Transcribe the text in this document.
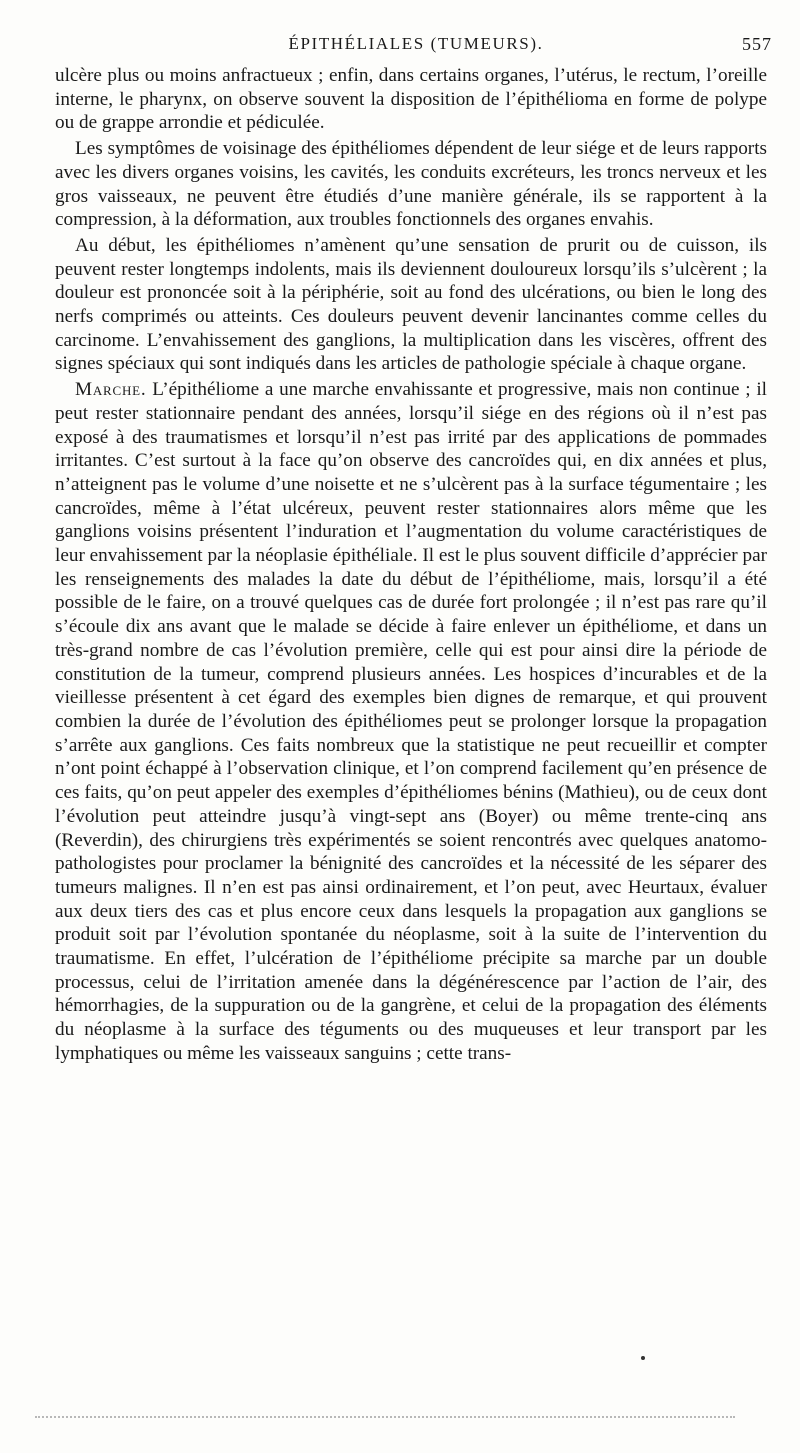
ÉPITHÉLIALES (TUMEURS).	557

ulcère plus ou moins anfractueux ; enfin, dans certains organes, l’utérus, le rectum, l’oreille interne, le pharynx, on observe souvent la disposition de l’épithélioma en forme de polype ou de grappe arrondie et pédiculée.

Les symptômes de voisinage des épithéliomes dépendent de leur siége et de leurs rapports avec les divers organes voisins, les cavités, les conduits excréteurs, les troncs nerveux et les gros vaisseaux, ne peuvent être étudiés d’une manière générale, ils se rapportent à la compression, à la déformation, aux troubles fonctionnels des organes envahis.

Au début, les épithéliomes n’amènent qu’une sensation de prurit ou de cuisson, ils peuvent rester longtemps indolents, mais ils deviennent douloureux lorsqu’ils s’ulcèrent ; la douleur est prononcée soit à la périphérie, soit au fond des ulcérations, ou bien le long des nerfs comprimés ou atteints. Ces douleurs peuvent devenir lancinantes comme celles du carcinome. L’envahissement des ganglions, la multiplication dans les viscères, offrent des signes spéciaux qui sont indiqués dans les articles de pathologie spéciale à chaque organe.

Marche. L’épithéliome a une marche envahissante et progressive, mais non continue ; il peut rester stationnaire pendant des années, lorsqu’il siége en des régions où il n’est pas exposé à des traumatismes et lorsqu’il n’est pas irrité par des applications de pommades irritantes. C’est surtout à la face qu’on observe des cancroïdes qui, en dix années et plus, n’atteignent pas le volume d’une noisette et ne s’ulcèrent pas à la surface tégumentaire ; les cancroïdes, même à l’état ulcéreux, peuvent rester stationnaires alors même que les ganglions voisins présentent l’induration et l’augmentation du volume caractéristiques de leur envahissement par la néoplasie épithéliale. Il est le plus souvent difficile d’apprécier par les renseignements des malades la date du début de l’épithéliome, mais, lorsqu’il a été possible de le faire, on a trouvé quelques cas de durée fort prolongée ; il n’est pas rare qu’il s’écoule dix ans avant que le malade se décide à faire enlever un épithéliome, et dans un très-grand nombre de cas l’évolution première, celle qui est pour ainsi dire la période de constitution de la tumeur, comprend plusieurs années. Les hospices d’incurables et de la vieillesse présentent à cet égard des exemples bien dignes de remarque, et qui prouvent combien la durée de l’évolution des épithéliomes peut se prolonger lorsque la propagation s’arrête aux ganglions. Ces faits nombreux que la statistique ne peut recueillir et compter n’ont point échappé à l’observation clinique, et l’on comprend facilement qu’en présence de ces faits, qu’on peut appeler des exemples d’épithéliomes bénins (Mathieu), ou de ceux dont l’évolution peut atteindre jusqu’à vingt-sept ans (Boyer) ou même trente-cinq ans (Reverdin), des chirurgiens très expérimentés se soient rencontrés avec quelques anatomo-pathologistes pour proclamer la bénignité des cancroïdes et la nécessité de les séparer des tumeurs malignes. Il n’en est pas ainsi ordinairement, et l’on peut, avec Heurtaux, évaluer aux deux tiers des cas et plus encore ceux dans lesquels la propagation aux ganglions se produit soit par l’évolution spontanée du néoplasme, soit à la suite de l’intervention du traumatisme. En effet, l’ulcération de l’épithéliome précipite sa marche par un double processus, celui de l’irritation amenée dans la dégénérescence par l’action de l’air, des hémorrhagies, de la suppuration ou de la gangrène, et celui de la propagation des éléments du néoplasme à la surface des téguments ou des muqueuses et leur transport par les lymphatiques ou même les vaisseaux sanguins ; cette trans-
